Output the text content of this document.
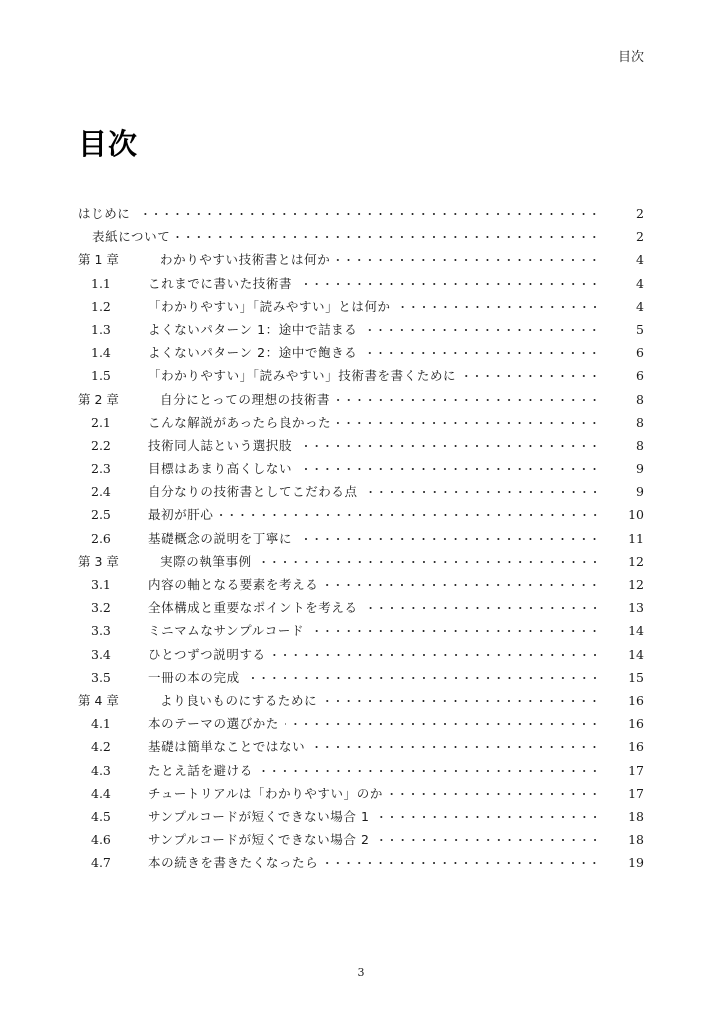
目次
目次
はじめに	2
表紙について	2
第 1 章	わかりやすい技術書とは何か	4
1.1	これまでに書いた技術書	4
1.2	「わかりやすい」「読みやすい」とは何か	4
1.3	よくないパターン 1：途中で詰まる	5
1.4	よくないパターン 2：途中で飽きる	6
1.5	「わかりやすい」「読みやすい」技術書を書くために	6
第 2 章	自分にとっての理想の技術書	8
2.1	こんな解説があったら良かった	8
2.2	技術同人誌という選択肢	8
2.3	目標はあまり高くしない	9
2.4	自分なりの技術書としてこだわる点	9
2.5	最初が肝心	10
2.6	基礎概念の説明を丁寧に	11
第 3 章	実際の執筆事例	12
3.1	内容の軸となる要素を考える	12
3.2	全体構成と重要なポイントを考える	13
3.3	ミニマムなサンプルコード	14
3.4	ひとつずつ説明する	14
3.5	一冊の本の完成	15
第 4 章	より良いものにするために	16
4.1	本のテーマの選びかた	16
4.2	基礎は簡単なことではない	16
4.3	たとえ話を避ける	17
4.4	チュートリアルは「わかりやすい」のか	17
4.5	サンプルコードが短くできない場合 1	18
4.6	サンプルコードが短くできない場合 2	18
4.7	本の続きを書きたくなったら	19
3
